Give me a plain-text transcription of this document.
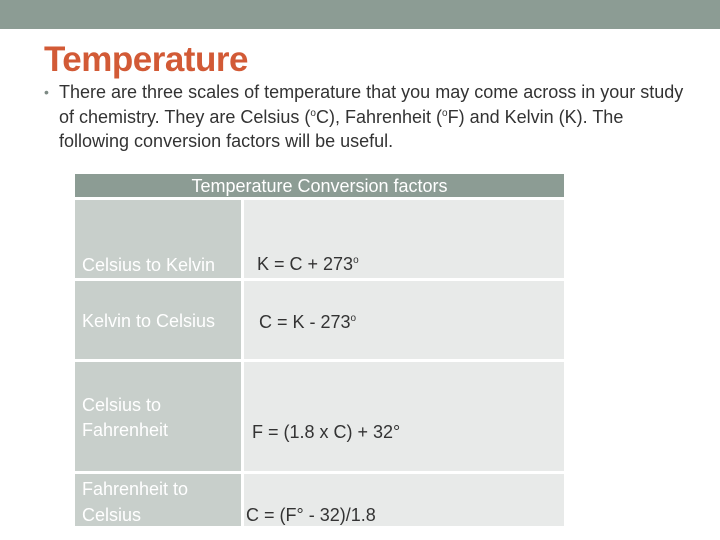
Temperature
• There are three scales of temperature that you may come across in your study of chemistry. They are Celsius ($^o$C), Fahrenheit ($^o$F) and Kelvin (K). The following conversion factors will be useful.
Temperature Conversion factors
Celsius to Kelvin $K = C + 273^o$
Kelvin to Celsius C = K - 273$^o$
Celsius to
Fahrenheit	F = (1.8 x C) + 32°
Fahrenheit to
Celsius	C = (F° - 32)/1.8
